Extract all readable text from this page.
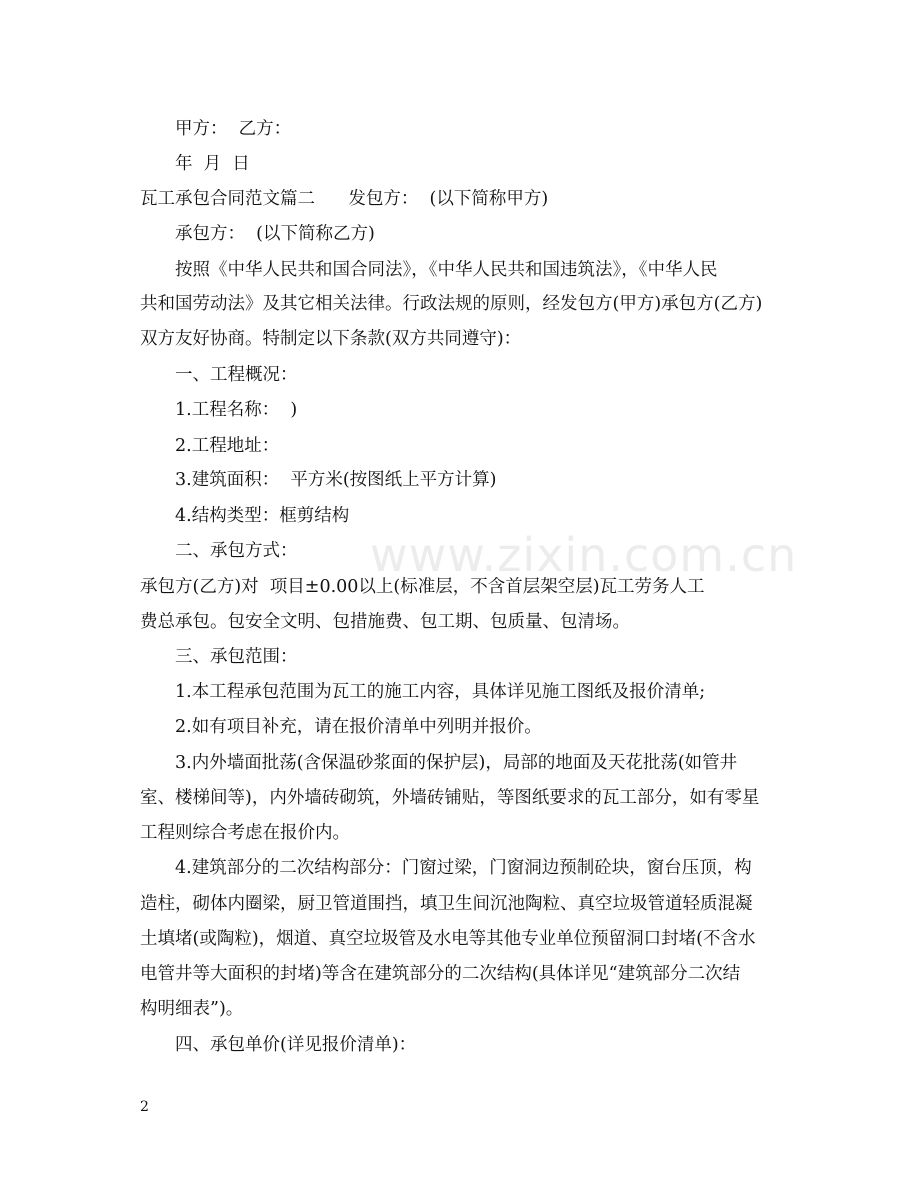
www.zixin.com.cn
甲方：  乙方：
年  月  日
瓦工承包合同范文篇二      发包方：  (以下简称甲方)
承包方：  (以下简称乙方)
按照《中华人民共和国合同法》，《中华人民共和国违筑法》，《中华人民
共和国劳动法》及其它相关法律。行政法规的原则，经发包方(甲方)承包方(乙方)
双方友好协商。特制定以下条款(双方共同遵守)：
一、工程概况：
1.工程名称：  )
2.工程地址：
3.建筑面积：  平方米(按图纸上平方计算)
4.结构类型：框剪结构
二、承包方式：
承包方(乙方)对  项目±0.00以上(标准层，不含首层架空层)瓦工劳务人工
费总承包。包安全文明、包措施费、包工期、包质量、包清场。
三、承包范围：
1.本工程承包范围为瓦工的施工内容，具体详见施工图纸及报价清单;
2.如有项目补充，请在报价清单中列明并报价。
3.内外墙面批荡(含保温砂浆面的保护层)，局部的地面及天花批荡(如管井
室、楼梯间等)，内外墙砖砌筑，外墙砖铺贴，等图纸要求的瓦工部分，如有零星
工程则综合考虑在报价内。
4.建筑部分的二次结构部分：门窗过梁，门窗洞边预制砼块，窗台压顶，构
造柱，砌体内圈梁，厨卫管道围挡，填卫生间沉池陶粒、真空垃圾管道轻质混凝
土填堵(或陶粒)，烟道、真空垃圾管及水电等其他专业单位预留洞口封堵(不含水
电管井等大面积的封堵)等含在建筑部分的二次结构(具体详见“建筑部分二次结
构明细表”)。
四、承包单价(详见报价清单)：
2
